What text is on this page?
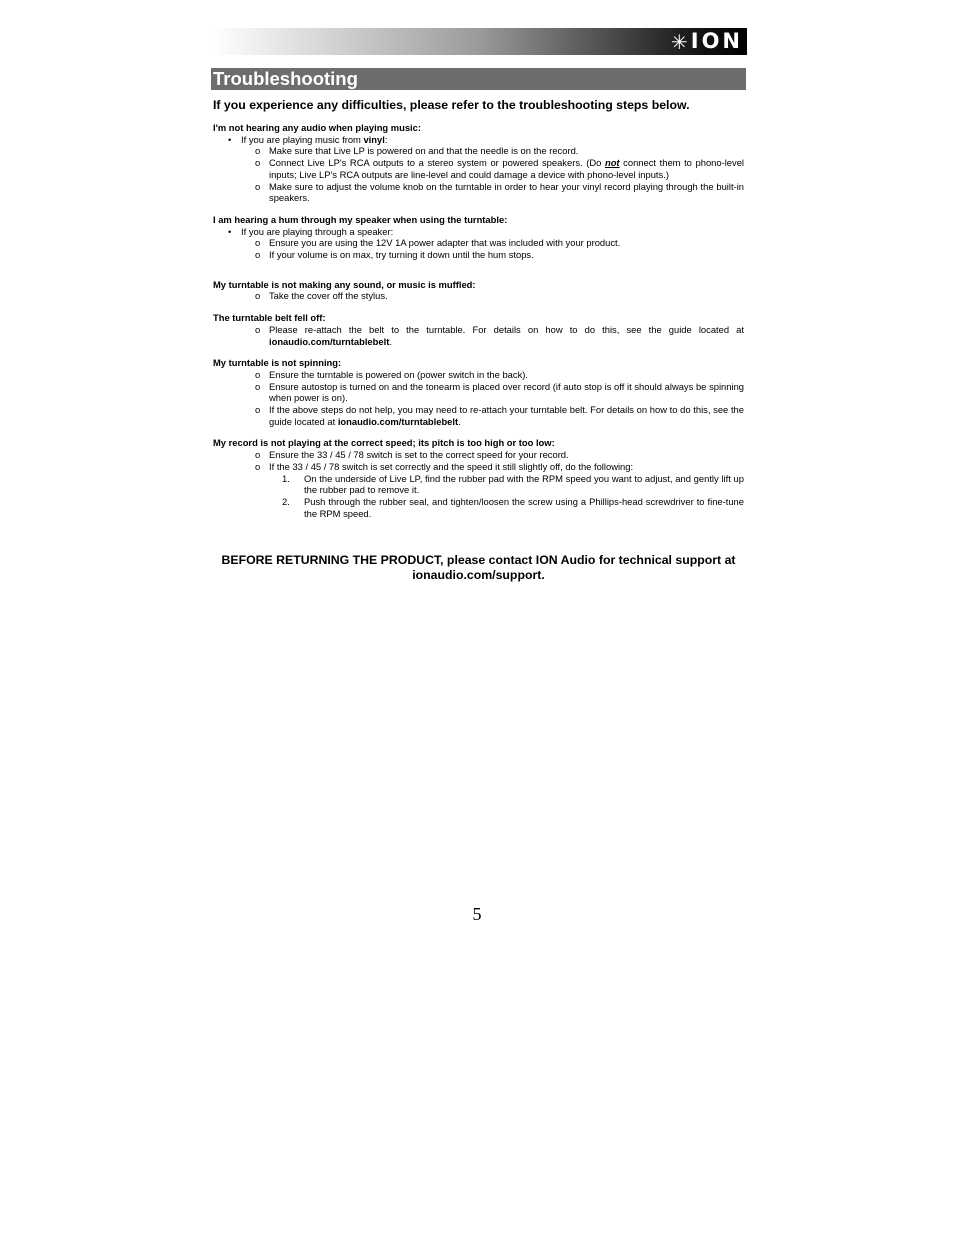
✳ ION
Troubleshooting
If you experience any difficulties, please refer to the troubleshooting steps below.

I'm not hearing any audio when playing music:

• If you are playing music from vinyl:

o Make sure that Live LP is powered on and that the needle is on the record.

o Connect Live LP's RCA outputs to a stereo system or powered speakers. (Do not connect them to phono-level inputs; Live LP's RCA outputs are line-level and could damage a device with phono-level inputs.)

o Make sure to adjust the volume knob on the turntable in order to hear your vinyl record playing through the built-in speakers.

I am hearing a hum through my speaker when using the turntable:

• If you are playing through a speaker:

o Ensure you are using the 12V 1A power adapter that was included with your product.

o If your volume is on max, try turning it down until the hum stops.

My turntable is not making any sound, or music is muffled:

o Take the cover off the stylus.

The turntable belt fell off:

o Please re-attach the belt to the turntable. For details on how to do this, see the guide located at ionaudio.com/turntablebelt.

My turntable is not spinning:

o Ensure the turntable is powered on (power switch in the back).

o Ensure autostop is turned on and the tonearm is placed over record (if auto stop is off it should always be spinning when power is on).

o If the above steps do not help, you may need to re-attach your turntable belt. For details on how to do this, see the guide located at ionaudio.com/turntablebelt.

My record is not playing at the correct speed; its pitch is too high or too low:

o Ensure the 33 / 45 / 78 switch is set to the correct speed for your record.

o If the 33 / 45 / 78 switch is set correctly and the speed it still slightly off, do the following:

1. On the underside of Live LP, find the rubber pad with the RPM speed you want to adjust, and gently lift up the rubber pad to remove it.

2. Push through the rubber seal, and tighten/loosen the screw using a Phillips-head screwdriver to fine-tune the RPM speed.

BEFORE RETURNING THE PRODUCT, please contact ION Audio for technical support at ionaudio.com/support.
5
